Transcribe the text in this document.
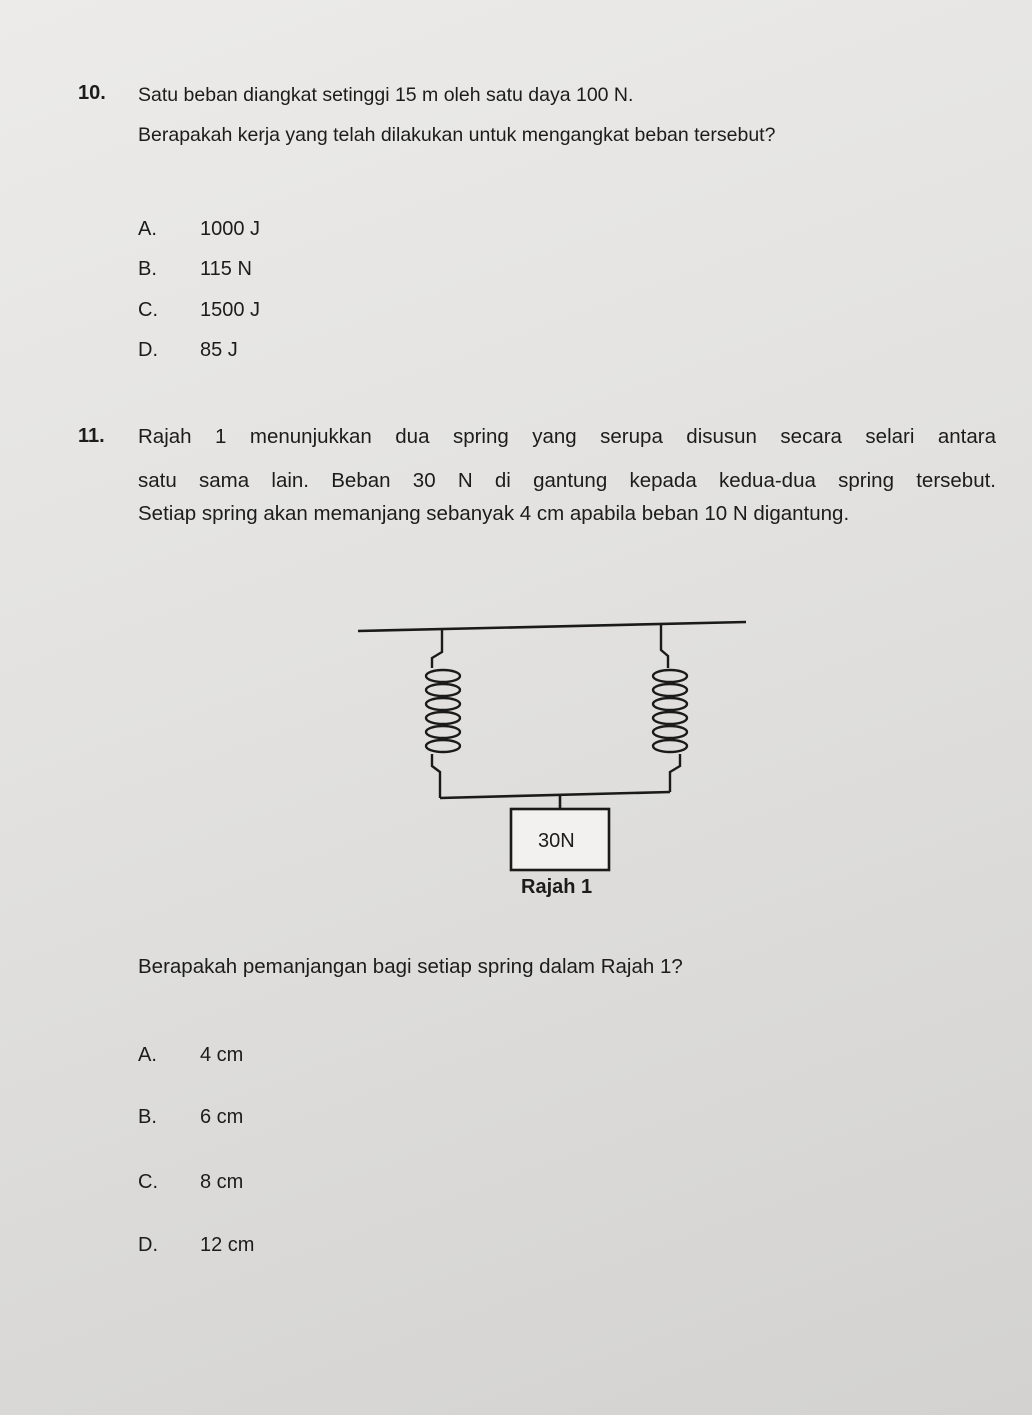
10. Satu beban diangkat setinggi 15 m oleh satu daya 100 N.
Berapakah kerja yang telah dilakukan untuk mengangkat beban tersebut?
A. 1000 J
B. 115 N
C. 1500 J
D. 85 J
11. Rajah 1 menunjukkan dua spring yang serupa disusun secara selari antara
satu sama lain. Beban 30 N di gantung kepada kedua-dua spring tersebut.
Setiap spring akan memanjang sebanyak 4 cm apabila beban 10 N digantung.
30N
Rajah 1
Berapakah pemanjangan bagi setiap spring dalam Rajah 1?
A. 4 cm
B. 6 cm
C. 8 cm
D. 12 cm
